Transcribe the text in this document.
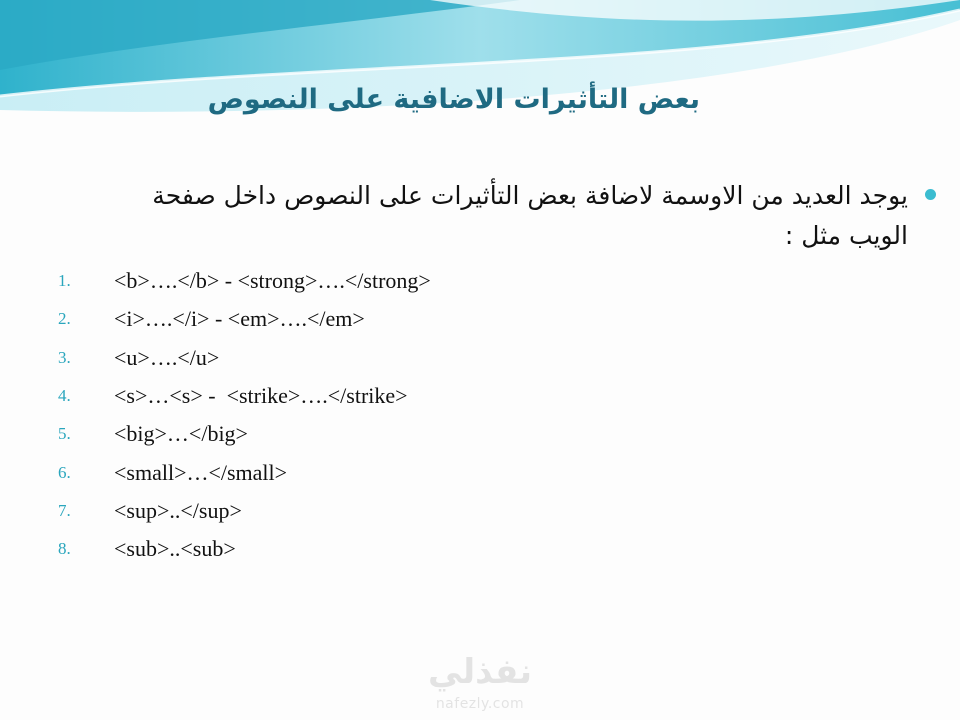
بعض التأثيرات الاضافية على النصوص
يوجد العديد من الاوسمة لاضافة بعض التأثيرات على النصوص داخل صفحة الويب مثل :
1.	<b>….</b> - <strong>….</strong>
2.	<i>….</i> - <em>….</em>
3.	<u>….</u>
4.	<s>…<s> -  <strike>….</strike>
5.	<big>…</big>
6.	<small>…</small>
7.	<sup>..</sup>
8.	<sub>..<sub>
نفذلي
nafezly.com
